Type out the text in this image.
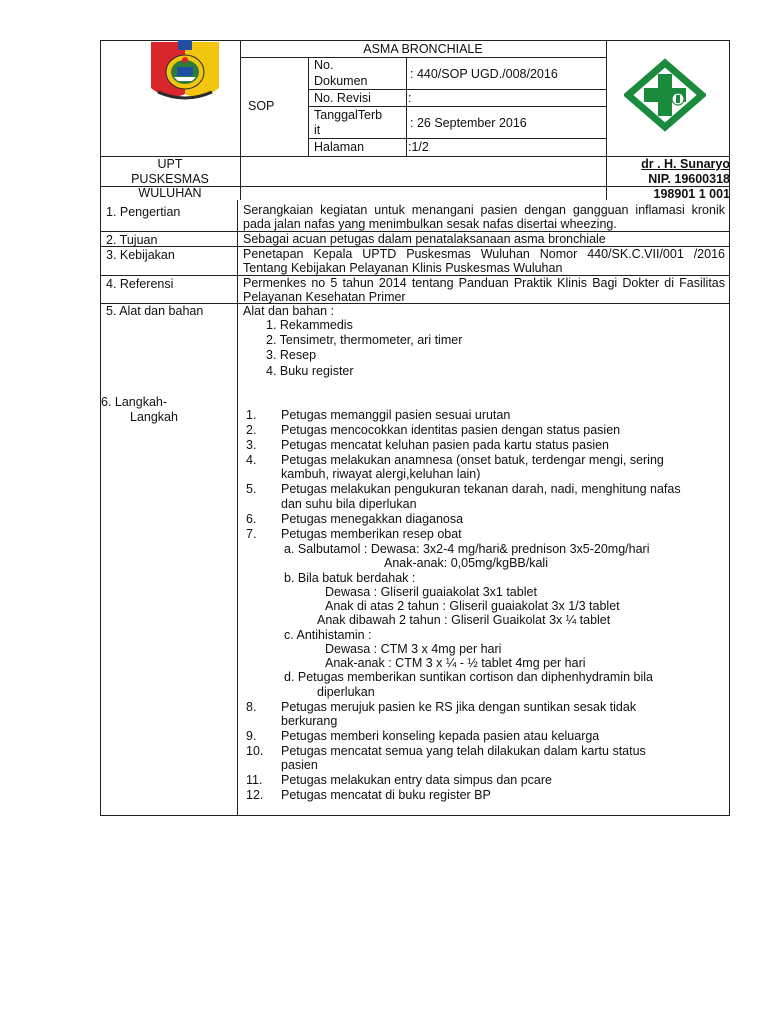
ASMA BRONCHIALE
SOP
No.
Dokumen	: 440/SOP UGD./008/2016
No. Revisi	:
TanggalTerb
it	: 26 September 2016
Halaman	:1/2
UPT
PUSKESMAS
WULUHAN
dr . H. Sunaryo
NIP. 19600318
198901 1 001
1. Pengertian	Serangkaian kegiatan untuk menangani pasien dengan gangguan inflamasi kronik pada jalan nafas yang menimbulkan sesak nafas disertai wheezing.
2. Tujuan	Sebagai acuan petugas dalam penatalaksanaan asma bronchiale
3. Kebijakan	Penetapan Kepala UPTD Puskesmas Wuluhan Nomor 440/SK.C.VII/001 /2016 Tentang Kebijakan Pelayanan Klinis Puskesmas Wuluhan
4. Referensi	Permenkes no 5 tahun 2014 tentang Panduan Praktik Klinis Bagi Dokter di Fasilitas Pelayanan Kesehatan Primer
5. Alat dan bahan	Alat dan bahan :
1. Rekammedis
2. Tensimetr, thermometer, ari timer
3. Resep
4. Buku register
6. Langkah-
Langkah	1. Petugas memanggil pasien sesuai urutan
2. Petugas mencocokkan identitas pasien dengan status pasien
3. Petugas mencatat keluhan pasien pada kartu status pasien
4. Petugas melakukan anamnesa (onset batuk, terdengar mengi, sering
kambuh, riwayat alergi,keluhan lain)
5. Petugas melakukan pengukuran tekanan darah, nadi, menghitung nafas
dan suhu bila diperlukan
6. Petugas menegakkan diaganosa
7. Petugas memberikan resep obat
a. Salbutamol : Dewasa: 3x2-4 mg/hari& prednison 3x5-20mg/hari
Anak-anak: 0,05mg/kgBB/kali
b. Bila batuk berdahak :
Dewasa : Gliseril guaiakolat 3x1 tablet
Anak di atas 2 tahun : Gliseril guaiakolat 3x 1/3 tablet
Anak dibawah 2 tahun : Gliseril Guaikolat 3x ¼ tablet
c. Antihistamin :
Dewasa : CTM 3 x 4mg per hari
Anak-anak : CTM 3 x ¼ - ½ tablet 4mg per hari
d. Petugas memberikan suntikan cortison dan diphenhydramin bila
diperlukan
8. Petugas merujuk pasien ke RS jika dengan suntikan sesak tidak
berkurang
9. Petugas memberi konseling kepada pasien atau keluarga
10. Petugas mencatat semua yang telah dilakukan dalam kartu status
pasien
11. Petugas melakukan entry data simpus dan pcare
12. Petugas mencatat di buku register BP
